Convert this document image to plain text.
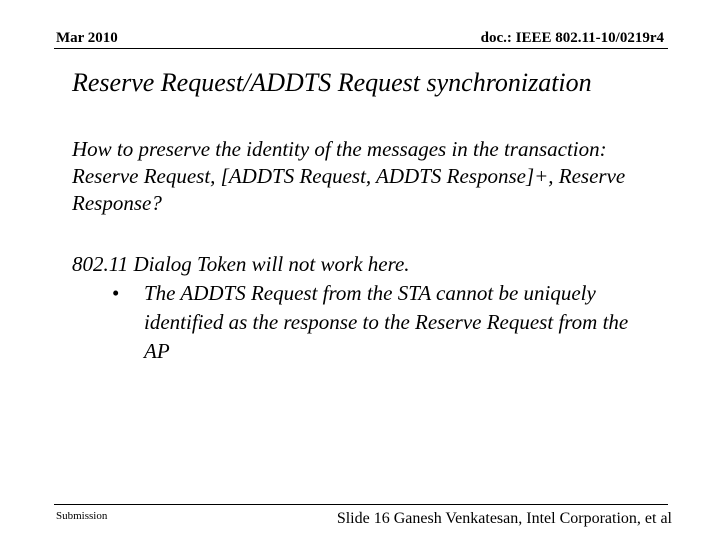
Mar 2010	doc.: IEEE 802.11-10/0219r4
Reserve Request/ADDTS Request synchronization
How to preserve the identity of the messages in the transaction: Reserve Request, [ADDTS Request, ADDTS Response]+, Reserve Response?
802.11 Dialog Token will not work here.
• The ADDTS Request from the STA cannot be uniquely identified as the response to the Reserve Request from the AP
Submission	Slide 16 Ganesh Venkatesan, Intel Corporation, et al
